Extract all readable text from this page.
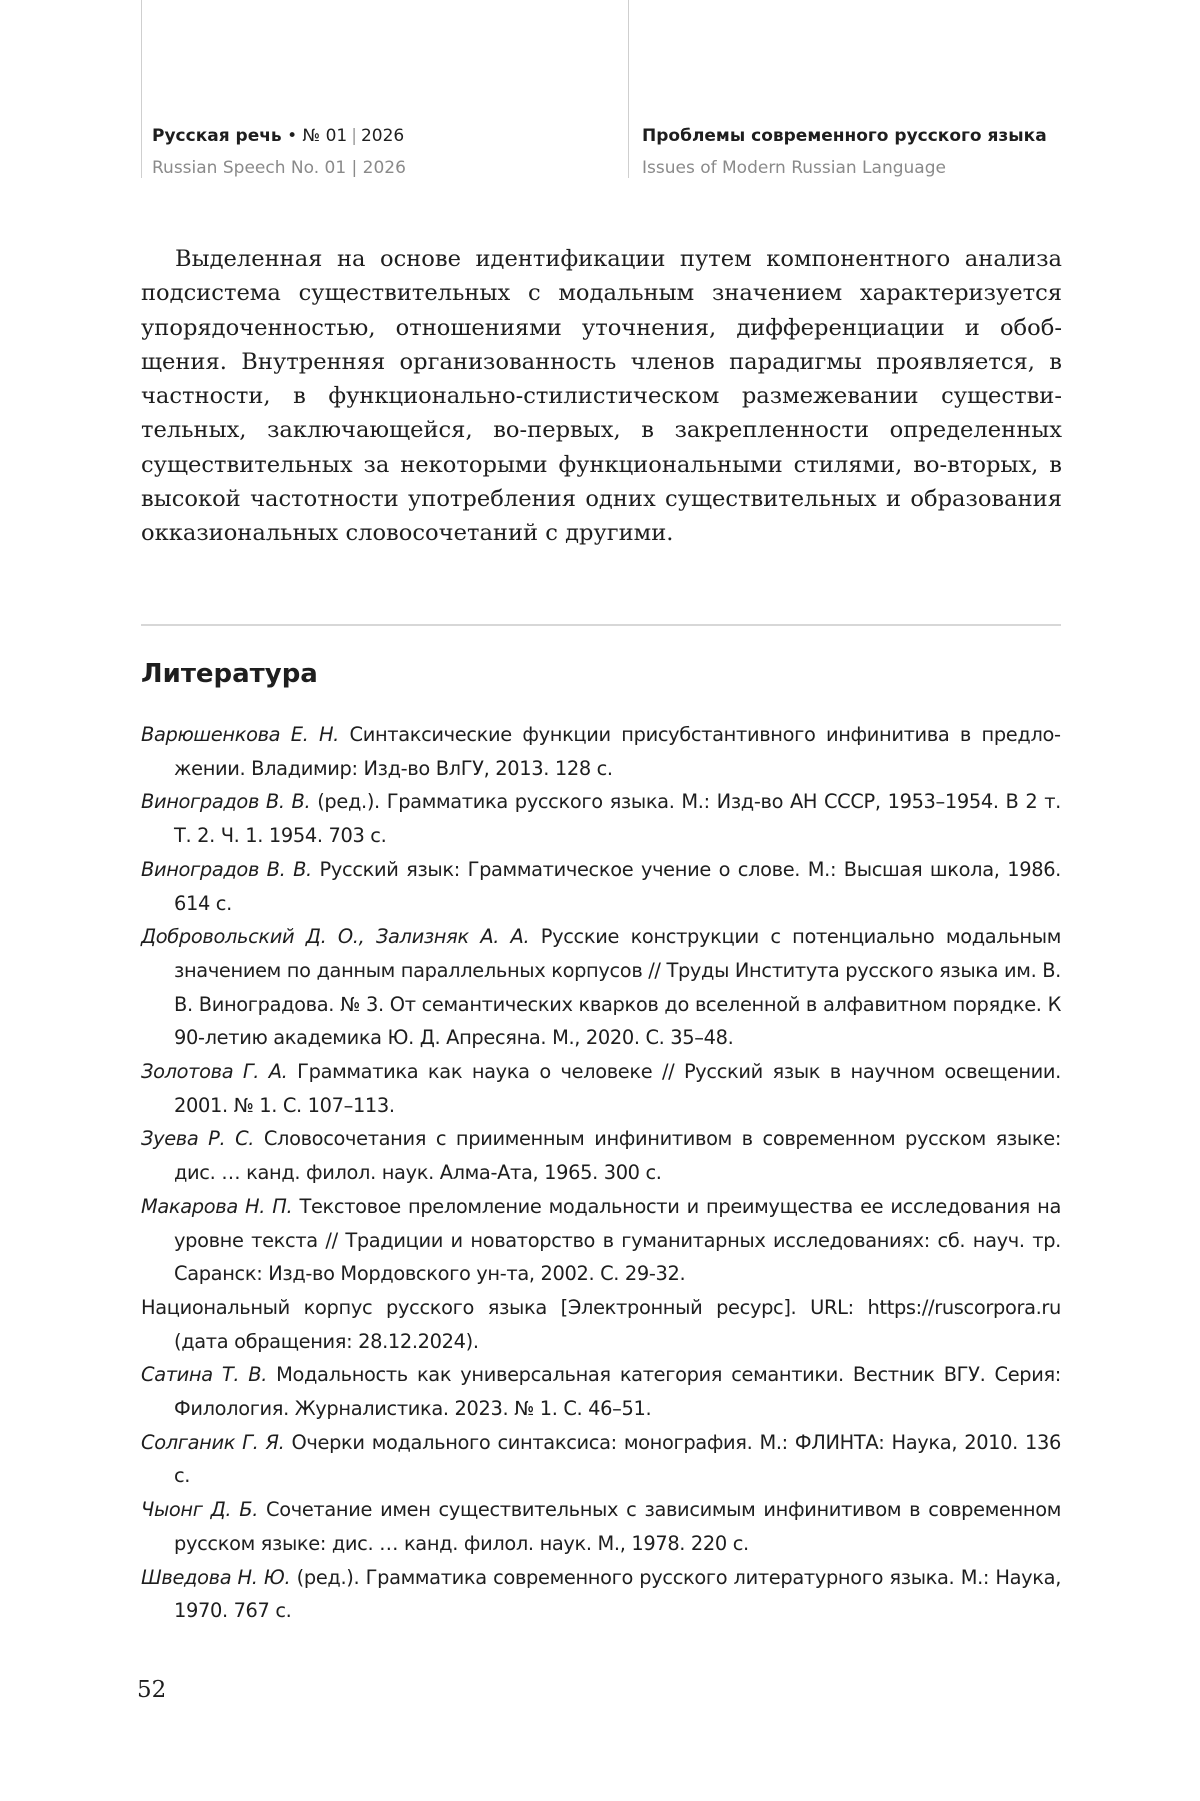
Русская речь • № 01 | 2026
Russian Speech No. 01 | 2026
Проблемы современного русского языка
Issues of Modern Russian Language

Выделенная на основе идентификации путем компонентного анализа подсистема существительных с модальным значением характеризуется упорядоченностью, отношениями уточнения, дифференциации и обобщения. Внутренняя организованность членов парадигмы проявляется, в частности, в функционально-стилистическом размежевании существительных, заключающейся, во-первых, в закрепленности определенных существительных за некоторыми функциональными стилями, во-вторых, в высокой частотности употребления одних существительных и образования окказиональных словосочетаний с другими.

Литература
Варюшенкова Е. Н. Синтаксические функции присубстантивного инфинитива в предложении. Владимир: Изд-во ВлГУ, 2013. 128 с.
Виноградов В. В. (ред.). Грамматика русского языка. М.: Изд-во АН СССР, 1953–1954. В 2 т. Т. 2. Ч. 1. 1954. 703 с.
Виноградов В. В. Русский язык: Грамматическое учение о слове. М.: Высшая школа, 1986. 614 с.
Добровольский Д. О., Зализняк А. А. Русские конструкции с потенциально модальным значением по данным параллельных корпусов // Труды Института русского языка им. В. В. Виноградова. № 3. От семантических кварков до вселенной в алфавитном порядке. К 90-летию академика Ю. Д. Апресяна. М., 2020. С. 35–48.
Золотова Г. А. Грамматика как наука о человеке // Русский язык в научном освещении. 2001. № 1. С. 107–113.
Зуева Р. С. Словосочетания с приименным инфинитивом в современном русском языке: дис. … канд. филол. наук. Алма-Ата, 1965. 300 с.
Макарова Н. П. Текстовое преломление модальности и преимущества ее исследования на уровне текста // Традиции и новаторство в гуманитарных исследованиях: сб. науч. тр. Саранск: Изд-во Мордовского ун-та, 2002. С. 29-32.
Национальный корпус русского языка [Электронный ресурс]. URL: https://ruscorpora.ru (дата обращения: 28.12.2024).
Сатина Т. В. Модальность как универсальная категория семантики. Вестник ВГУ. Серия: Филология. Журналистика. 2023. № 1. С. 46–51.
Солганик Г. Я. Очерки модального синтаксиса: монография. М.: ФЛИНТА: Наука, 2010. 136 с.
Чыонг Д. Б. Сочетание имен существительных с зависимым инфинитивом в современном русском языке: дис. … канд. филол. наук. М., 1978. 220 с.
Шведова Н. Ю. (ред.). Грамматика современного русского литературного языка. М.: Наука, 1970. 767 с.
52
